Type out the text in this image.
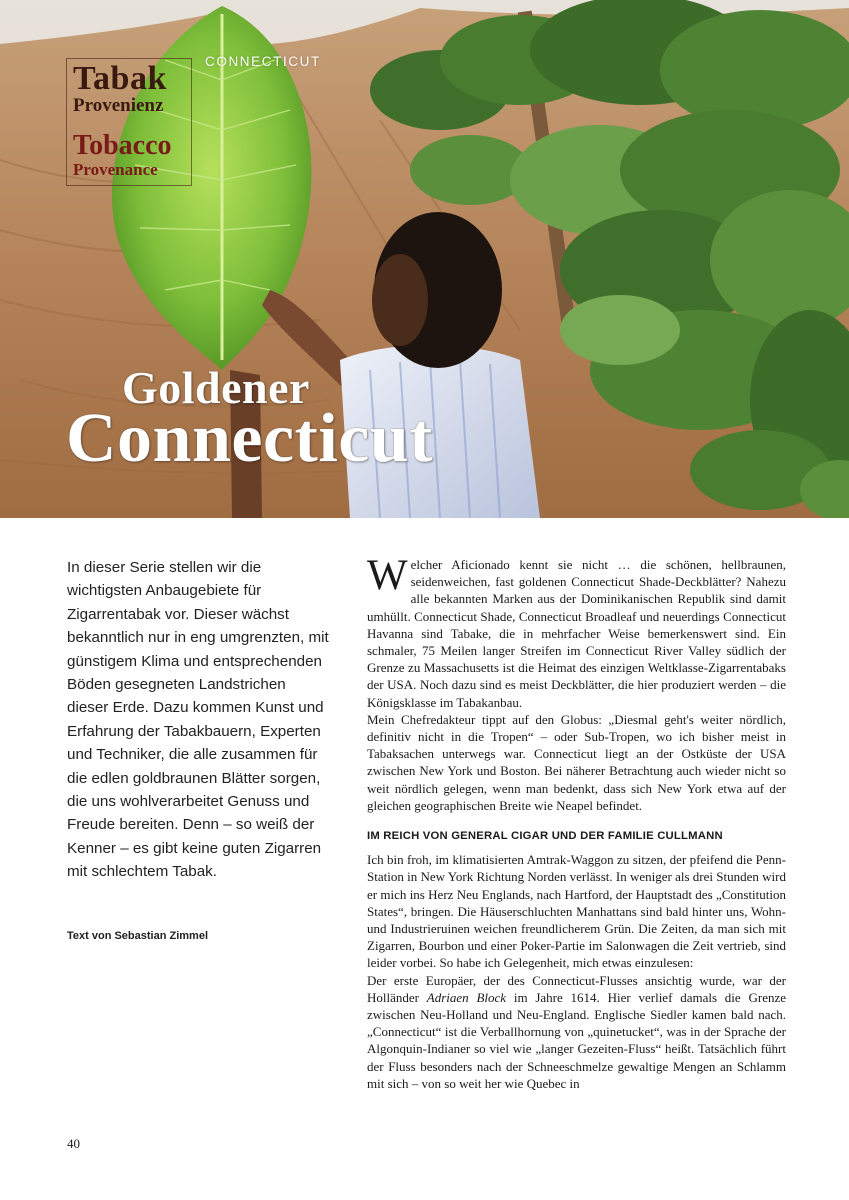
Tabak
Provenienz
Tobacco
Provenance
CONNECTICUT
Goldener
Connecticut

In dieser Serie stellen wir die wichtigsten Anbaugebiete für Zigarrentabak vor. Dieser wächst bekanntlich nur in eng umgrenzten, mit günstigem Klima und entsprechenden Böden gesegneten Landstrichen dieser Erde. Dazu kommen Kunst und Erfahrung der Tabakbauern, Experten und Techniker, die alle zusammen für die edlen goldbraunen Blätter sorgen, die uns wohlverarbeitet Genuss und Freude bereiten. Denn – so weiß der Kenner – es gibt keine guten Zigarren mit schlechtem Tabak.

Text von Sebastian Zimmel

Welcher Aficionado kennt sie nicht … die schönen, hellbraunen, seidenweichen, fast goldenen Connecticut Shade-Deckblätter? Nahezu alle bekannten Marken aus der Dominikanischen Republik sind damit umhüllt. Connecticut Shade, Connecticut Broadleaf und neuerdings Connecticut Havanna sind Tabake, die in mehrfacher Weise bemerkenswert sind. Ein schmaler, 75 Meilen langer Streifen im Connecticut River Valley südlich der Grenze zu Massachusetts ist die Heimat des einzigen Weltklasse-Zigarrentabaks der USA. Noch dazu sind es meist Deckblätter, die hier produziert werden – die Königsklasse im Tabakanbau.

Mein Chefredakteur tippt auf den Globus: „Diesmal geht's weiter nördlich, definitiv nicht in die Tropen“ – oder Sub-Tropen, wo ich bisher meist in Tabaksachen unterwegs war. Connecticut liegt an der Ostküste der USA zwischen New York und Boston. Bei näherer Betrachtung auch wieder nicht so weit nördlich gelegen, wenn man bedenkt, dass sich New York etwa auf der gleichen geographischen Breite wie Neapel befindet.

IM REICH VON GENERAL CIGAR UND DER FAMILIE CULLMANN

Ich bin froh, im klimatisierten Amtrak-Waggon zu sitzen, der pfeifend die Penn-Station in New York Richtung Norden verlässt. In weniger als drei Stunden wird er mich ins Herz Neu Englands, nach Hartford, der Hauptstadt des „Constitution States“, bringen. Die Häuserschluchten Manhattans sind bald hinter uns, Wohn- und Industrieruinen weichen freundlicherem Grün. Die Zeiten, da man sich mit Zigarren, Bourbon und einer Poker-Partie im Salonwagen die Zeit vertrieb, sind leider vorbei. So habe ich Gelegenheit, mich etwas einzulesen:

Der erste Europäer, der des Connecticut-Flusses ansichtig wurde, war der Holländer Adriaen Block im Jahre 1614. Hier verlief damals die Grenze zwischen Neu-Holland und Neu-England. Englische Siedler kamen bald nach. „Connecticut“ ist die Verballhornung von „quinetucket“, was in der Sprache der Algonquin-Indianer so viel wie „langer Gezeiten-Fluss“ heißt. Tatsächlich führt der Fluss besonders nach der Schneeschmelze gewaltige Mengen an Schlamm mit sich – von so weit her wie Quebec in

40
